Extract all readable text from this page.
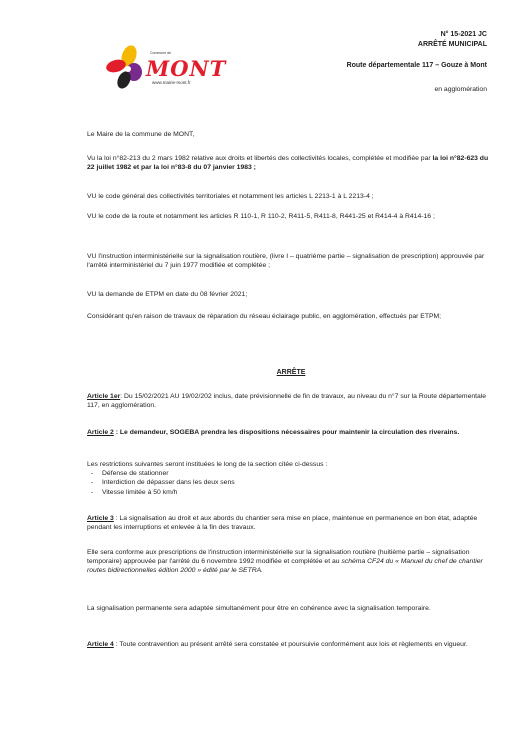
Commune de
MONT
www.mairie-mont.fr
N° 15-2021 JC
ARRÊTÉ MUNICIPAL
Route départementale 117 – Gouze à Mont
en agglomération

Le Maire de la commune de MONT,

Vu la loi n°82-213 du 2 mars 1982 relative aux droits et libertés des collectivités locales, complétée et modifiée par la loi n°82-623 du 22 juillet 1982 et par la loi n°83-8 du 07 janvier 1983 ;

VU le code général des collectivités territoriales et notamment les articles L 2213-1 à L 2213-4 ;

VU le code de la route et notamment les articles R 110-1, R 110-2, R411-5, R411-8, R441-25 et R414-4 à R414-16 ;

VU l'instruction interministérielle sur la signalisation routière, (livre I – quatrième partie – signalisation de prescription) approuvée par l'arrêté interministériel du 7 juin 1977 modifiée et complétée ;

VU la demande de ETPM en date du 08 février 2021;

Considérant qu'en raison de travaux de réparation du réseau éclairage public, en agglomération, effectués par ETPM;

ARRÊTE

Article 1er: Du 15/02/2021 AU 19/02/202 inclus, date prévisionnelle de fin de travaux, au niveau du n°7 sur la Route départementale 117, en agglomération.

Article 2 : Le demandeur, SOGEBA prendra les dispositions nécessaires pour maintenir la circulation des riverains.

Les restrictions suivantes seront instituées le long de la section citée ci-dessus :

- Défense de stationner
- Interdiction de dépasser dans les deux sens
- Vitesse limitée à 50 km/h

Article 3 : La signalisation au droit et aux abords du chantier sera mise en place, maintenue en permanence en bon état, adaptée pendant les interruptions et enlevée à la fin des travaux.

Elle sera conforme aux prescriptions de l'instruction interministérielle sur la signalisation routière (huitième partie – signalisation temporaire) approuvée par l'arrêté du 6 novembre 1992 modifiée et complétée et au schéma CF24 du « Manuel du chef de chantier routes bidirectionnelles édition 2000 » édité par le SETRA.

La signalisation permanente sera adaptée simultanément pour être en cohérence avec la signalisation temporaire.

Article 4 : Toute contravention au présent arrêté sera constatée et poursuivie conformément aux lois et règlements en vigueur.
